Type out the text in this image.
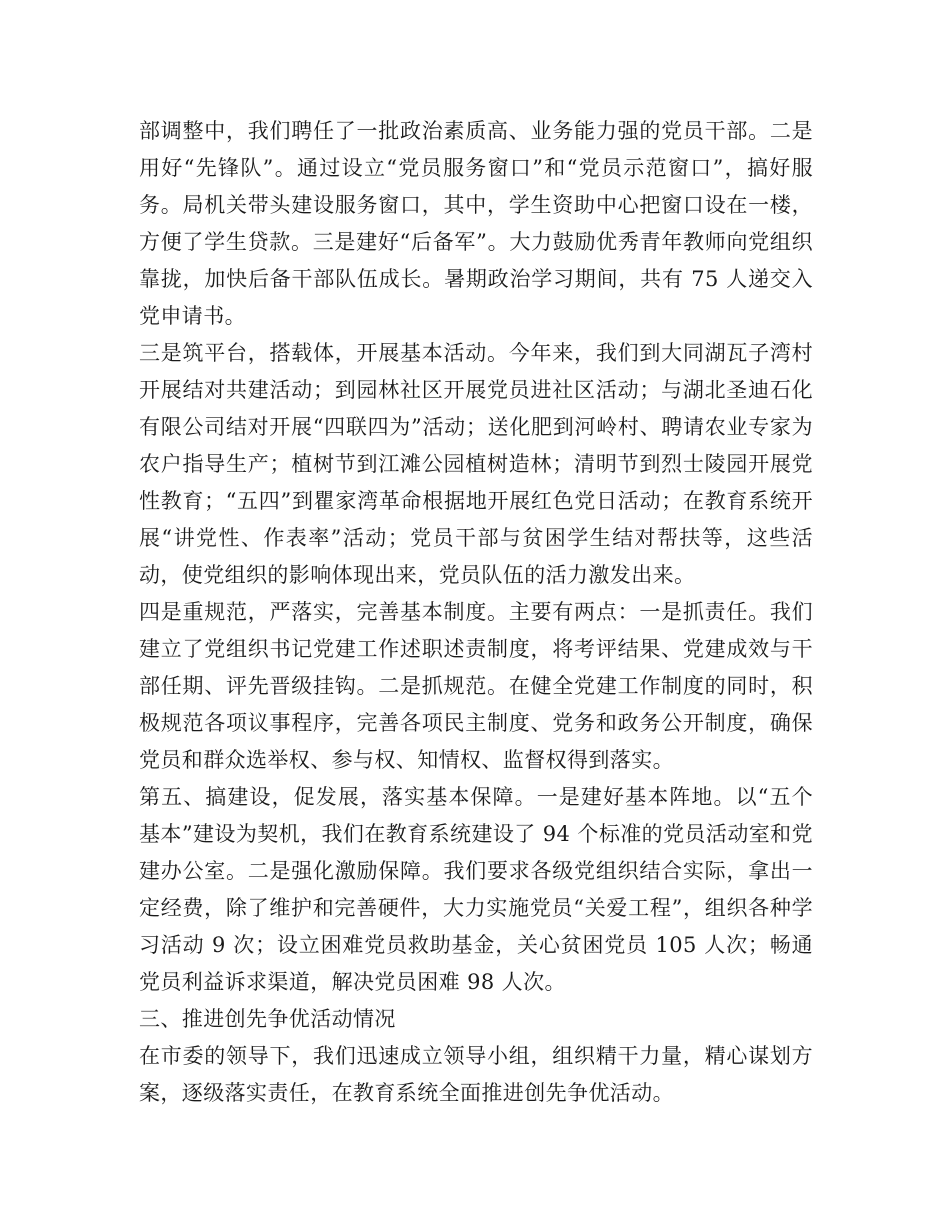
部调整中，我们聘任了一批政治素质高、业务能力强的党员干部。二是用好“先锋队”。通过设立“党员服务窗口”和“党员示范窗口”，搞好服务。局机关带头建设服务窗口，其中，学生资助中心把窗口设在一楼，方便了学生贷款。三是建好“后备军”。大力鼓励优秀青年教师向党组织靠拢，加快后备干部队伍成长。暑期政治学习期间，共有 75 人递交入党申请书。

三是筑平台，搭载体，开展基本活动。今年来，我们到大同湖瓦子湾村开展结对共建活动；到园林社区开展党员进社区活动；与湖北圣迪石化有限公司结对开展“四联四为”活动；送化肥到河岭村、聘请农业专家为农户指导生产；植树节到江滩公园植树造林；清明节到烈士陵园开展党性教育；“五四”到瞿家湾革命根据地开展红色党日活动；在教育系统开展“讲党性、作表率”活动；党员干部与贫困学生结对帮扶等，这些活动，使党组织的影响体现出来，党员队伍的活力激发出来。

四是重规范，严落实，完善基本制度。主要有两点：一是抓责任。我们建立了党组织书记党建工作述职述责制度，将考评结果、党建成效与干部任期、评先晋级挂钩。二是抓规范。在健全党建工作制度的同时，积极规范各项议事程序，完善各项民主制度、党务和政务公开制度，确保党员和群众选举权、参与权、知情权、监督权得到落实。

第五、搞建设，促发展，落实基本保障。一是建好基本阵地。以“五个基本”建设为契机，我们在教育系统建设了 94 个标准的党员活动室和党建办公室。二是强化激励保障。我们要求各级党组织结合实际，拿出一定经费，除了维护和完善硬件，大力实施党员“关爱工程”，组织各种学习活动 9 次；设立困难党员救助基金，关心贫困党员 105 人次；畅通党员利益诉求渠道，解决党员困难 98 人次。

三、推进创先争优活动情况

在市委的领导下，我们迅速成立领导小组，组织精干力量，精心谋划方案，逐级落实责任，在教育系统全面推进创先争优活动。
